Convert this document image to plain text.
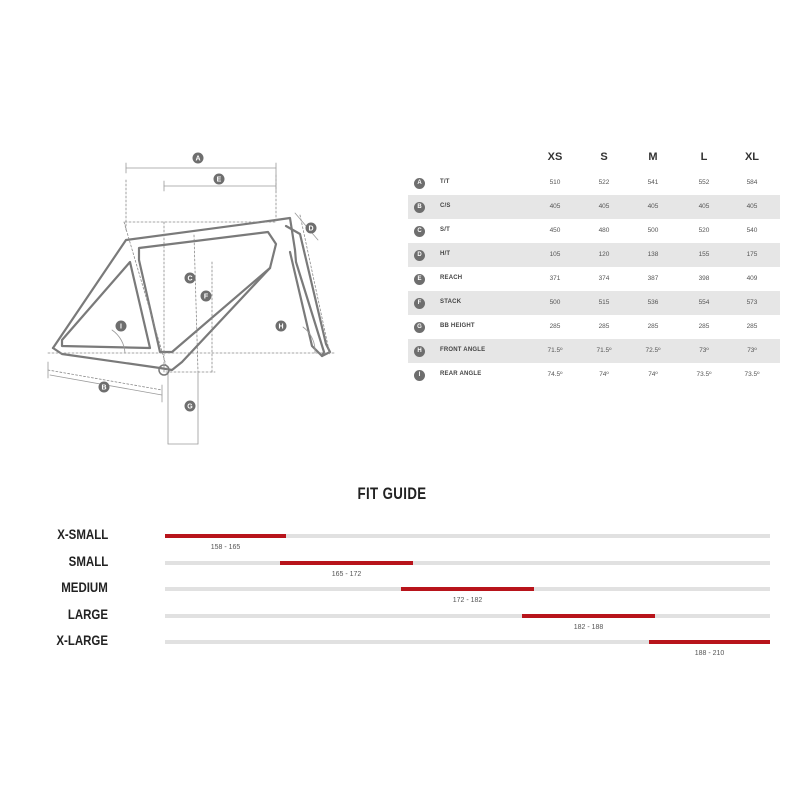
A
E
D
C
F
I	H
B
G
XS	S	M	L	XL
A	T/T	510	522	541	552	584
B	C/S	405	405	405	405	405
C	S/T	450	480	500	520	540
D	H/T	105	120	138	155	175
E	REACH	371	374	387	398	409
F	STACK	500	515	536	554	573
G	BB HEIGHT	285	285	285	285	285
H	FRONT ANGLE	71.5º	71.5º	72.5º	73º	73º
I	REAR ANGLE	74.5º	74º	74º	73.5º	73.5º
FIT GUIDE
X-SMALL
158 - 165
SMALL
165 - 172
MEDIUM
172 - 182
LARGE
182 - 188
X-LARGE
188 - 210
